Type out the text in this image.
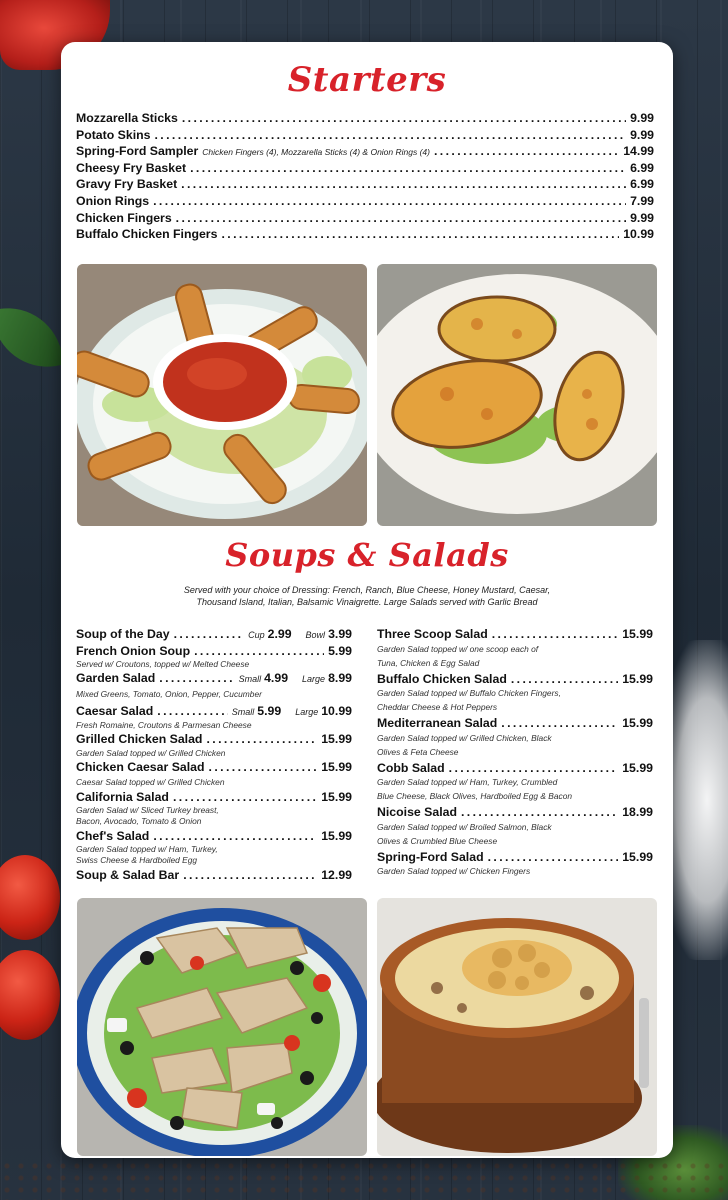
Starters
Mozzarella Sticks .....	9.99
Potato Skins .....	9.99
Spring-Ford Sampler Chicken Fingers (4), Mozzarella Sticks (4) & Onion Rings (4) .....	14.99
Cheesy Fry Basket .....	6.99
Gravy Fry Basket .....	6.99
Onion Rings .....	7.99
Chicken Fingers .....	9.99
Buffalo Chicken Fingers .....	10.99
Soups & Salads
Served with your choice of Dressing: French, Ranch, Blue Cheese, Honey Mustard, Caesar,
Thousand Island, Italian, Balsamic Vinaigrette. Large Salads served with Garlic Bread
Soup of the Day .....	Cup 2.99 Bowl 3.99
French Onion Soup .....	5.99
Served w/ Croutons, topped w/ Melted Cheese
Garden Salad .....	Small 4.99 Large 8.99
Mixed Greens, Tomato, Onion, Pepper, Cucumber
Caesar Salad .....	Small 5.99 Large 10.99
Fresh Romaine, Croutons & Parmesan Cheese
Grilled Chicken Salad .....	15.99
Garden Salad topped w/ Grilled Chicken
Chicken Caesar Salad .....	15.99
Caesar Salad topped w/ Grilled Chicken
California Salad .....	15.99
Garden Salad w/ Sliced Turkey breast,
Bacon, Avocado, Tomato & Onion
Chef's Salad .....	15.99
Garden Salad topped w/ Ham, Turkey,
Swiss Cheese & Hardboiled Egg
Soup & Salad Bar .....	12.99
Three Scoop Salad .....	15.99
Garden Salad topped w/ one scoop each of
Tuna, Chicken & Egg Salad
Buffalo Chicken Salad .....	15.99
Garden Salad topped w/ Buffalo Chicken Fingers,
Cheddar Cheese & Hot Peppers
Mediterranean Salad .....	15.99
Garden Salad topped w/ Grilled Chicken, Black
Olives & Feta Cheese
Cobb Salad .....	15.99
Garden Salad topped w/ Ham, Turkey, Crumbled
Blue Cheese, Black Olives, Hardboiled Egg & Bacon
Nicoise Salad .....	18.99
Garden Salad topped w/ Broiled Salmon, Black
Olives & Crumbled Blue Cheese
Spring-Ford Salad .....	15.99
Garden Salad topped w/ Chicken Fingers
